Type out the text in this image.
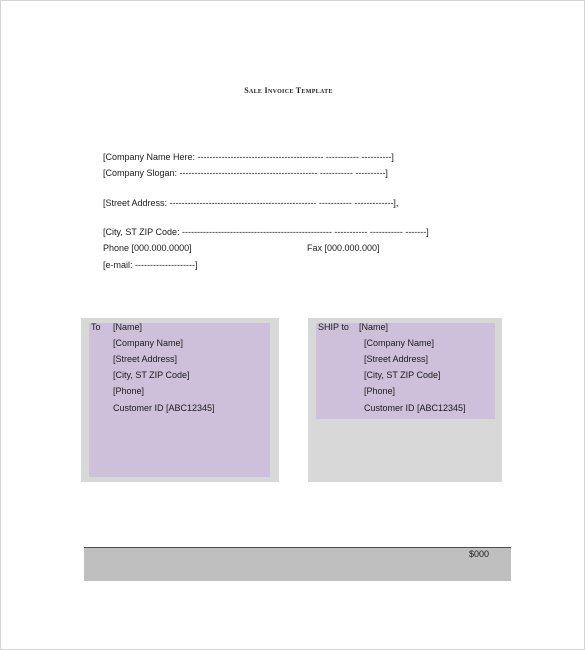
Sale Invoice Template
[Company Name Here: ------------------------------------------ ----------- ----------]
[Company Slogan: ---------------------------------------------- ----------- ----------]
[Street Address: ------------------------------------------------- ----------- -------------],
[City, ST ZIP Code: -------------------------------------------------- ----------- ----------- -------]
Phone [000.000.0000]	Fax [000.000.000]
[e-mail: --------------------]
To [Name]
[Company Name]
[Street Address]
[City, ST ZIP Code]
[Phone]
Customer ID [ABC12345]
SHIP to [Name]
[Company Name]
[Street Address]
[City, ST ZIP Code]
[Phone]
Customer ID [ABC12345]
$000
